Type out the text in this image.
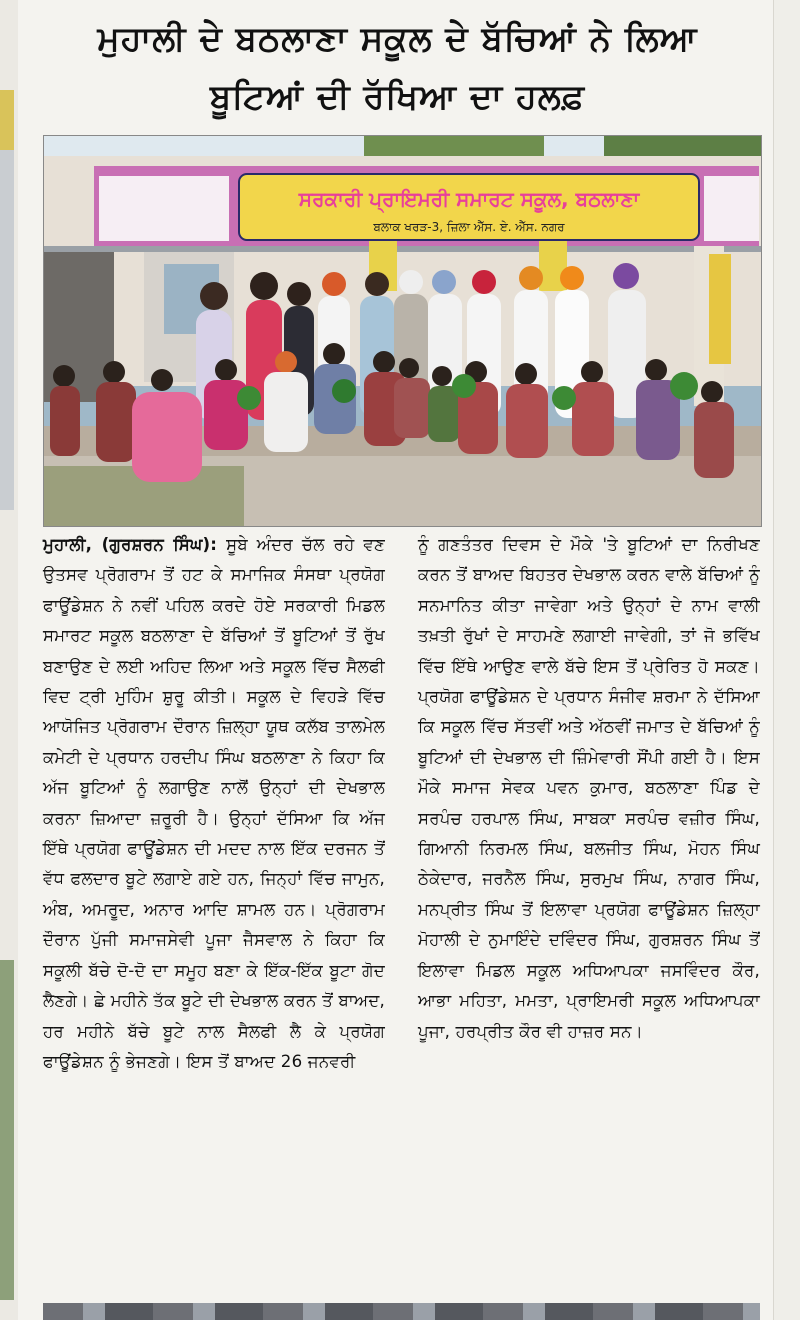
ਮੁਹਾਲੀ ਦੇ ਬਠਲਾਣਾ ਸਕੂਲ ਦੇ ਬੱਚਿਆਂ ਨੇ ਲਿਆ
ਬੂਟਿਆਂ ਦੀ ਰੱਖਿਆ ਦਾ ਹਲਫ਼
ਸਰਕਾਰੀ ਪ੍ਰਾਇਮਰੀ ਸਮਾਰਟ ਸਕੂਲ, ਬਠਲਾਣਾ
ਬਲਾਕ ਖਰੜ-3, ਜ਼ਿਲਾ ਐੱਸ. ਏ. ਐੱਸ. ਨਗਰ
ਮੁਹਾਲੀ, (ਗੁਰਸ਼ਰਨ ਸਿੰਘ): ਸੂਬੇ ਅੰਦਰ ਚੱਲ ਰਹੇ ਵਣ ਉਤਸਵ ਪ੍ਰੋਗਰਾਮ ਤੋਂ ਹਟ ਕੇ ਸਮਾਜਿਕ ਸੰਸਥਾ ਪ੍ਰਯੋਗ ਫਾਊਂਡੇਸ਼ਨ ਨੇ ਨਵੀਂ ਪਹਿਲ ਕਰਦੇ ਹੋਏ ਸਰਕਾਰੀ ਮਿਡਲ ਸਮਾਰਟ ਸਕੂਲ ਬਠਲਾਣਾ ਦੇ ਬੱਚਿਆਂ ਤੋਂ ਬੂਟਿਆਂ ਤੋਂ ਰੁੱਖ ਬਣਾਉਣ ਦੇ ਲਈ ਅਹਿਦ ਲਿਆ ਅਤੇ ਸਕੂਲ ਵਿੱਚ ਸੈਲਫੀ ਵਿਦ ਟ੍ਰੀ ਮੁਹਿੰਮ ਸ਼ੁਰੂ ਕੀਤੀ। ਸਕੂਲ ਦੇ ਵਿਹੜੇ ਵਿੱਚ ਆਯੋਜਿਤ ਪ੍ਰੋਗਰਾਮ ਦੌਰਾਨ ਜ਼ਿਲ੍ਹਾ ਯੂਥ ਕਲੱਬ ਤਾਲਮੇਲ ਕਮੇਟੀ ਦੇ ਪ੍ਰਧਾਨ ਹਰਦੀਪ ਸਿੰਘ ਬਠਲਾਣਾ ਨੇ ਕਿਹਾ ਕਿ ਅੱਜ ਬੂਟਿਆਂ ਨੂੰ ਲਗਾਉਣ ਨਾਲੋਂ ਉਨ੍ਹਾਂ ਦੀ ਦੇਖਭਾਲ ਕਰਨਾ ਜ਼ਿਆਦਾ ਜ਼ਰੂਰੀ ਹੈ। ਉਨ੍ਹਾਂ ਦੱਸਿਆ ਕਿ ਅੱਜ ਇੱਥੇ ਪ੍ਰਯੋਗ ਫਾਊਂਡੇਸ਼ਨ ਦੀ ਮਦਦ ਨਾਲ ਇੱਕ ਦਰਜਨ ਤੋਂ ਵੱਧ ਫਲਦਾਰ ਬੂਟੇ ਲਗਾਏ ਗਏ ਹਨ, ਜਿਨ੍ਹਾਂ ਵਿੱਚ ਜਾਮੁਨ, ਅੰਬ, ਅਮਰੂਦ, ਅਨਾਰ ਆਦਿ ਸ਼ਾਮਲ ਹਨ। ਪ੍ਰੋਗਰਾਮ ਦੌਰਾਨ ਪੁੱਜੀ ਸਮਾਜਸੇਵੀ ਪੂਜਾ ਜੈਸਵਾਲ ਨੇ ਕਿਹਾ ਕਿ ਸਕੂਲੀ ਬੱਚੇ ਦੋ-ਦੋ ਦਾ ਸਮੂਹ ਬਣਾ ਕੇ ਇੱਕ-ਇੱਕ ਬੂਟਾ ਗੋਦ ਲੈਣਗੇ। ਛੇ ਮਹੀਨੇ ਤੱਕ ਬੂਟੇ ਦੀ ਦੇਖਭਾਲ ਕਰਨ ਤੋਂ ਬਾਅਦ, ਹਰ ਮਹੀਨੇ ਬੱਚੇ ਬੂਟੇ ਨਾਲ ਸੈਲਫੀ ਲੈ ਕੇ ਪ੍ਰਯੋਗ ਫਾਊਂਡੇਸ਼ਨ ਨੂੰ ਭੇਜਣਗੇ। ਇਸ ਤੋਂ ਬਾਅਦ 26 ਜਨਵਰੀ
ਨੂੰ ਗਣਤੰਤਰ ਦਿਵਸ ਦੇ ਮੌਕੇ 'ਤੇ ਬੂਟਿਆਂ ਦਾ ਨਿਰੀਖਣ ਕਰਨ ਤੋਂ ਬਾਅਦ ਬਿਹਤਰ ਦੇਖਭਾਲ ਕਰਨ ਵਾਲੇ ਬੱਚਿਆਂ ਨੂੰ ਸਨਮਾਨਿਤ ਕੀਤਾ ਜਾਵੇਗਾ ਅਤੇ ਉਨ੍ਹਾਂ ਦੇ ਨਾਮ ਵਾਲੀ ਤਖ਼ਤੀ ਰੁੱਖਾਂ ਦੇ ਸਾਹਮਣੇ ਲਗਾਈ ਜਾਵੇਗੀ, ਤਾਂ ਜੋ ਭਵਿੱਖ ਵਿੱਚ ਇੱਥੇ ਆਉਣ ਵਾਲੇ ਬੱਚੇ ਇਸ ਤੋਂ ਪ੍ਰੇਰਿਤ ਹੋ ਸਕਣ। ਪ੍ਰਯੋਗ ਫਾਊਂਡੇਸ਼ਨ ਦੇ ਪ੍ਰਧਾਨ ਸੰਜੀਵ ਸ਼ਰਮਾ ਨੇ ਦੱਸਿਆ ਕਿ ਸਕੂਲ ਵਿੱਚ ਸੱਤਵੀਂ ਅਤੇ ਅੱਠਵੀਂ ਜਮਾਤ ਦੇ ਬੱਚਿਆਂ ਨੂੰ ਬੂਟਿਆਂ ਦੀ ਦੇਖਭਾਲ ਦੀ ਜ਼ਿੰਮੇਵਾਰੀ ਸੌਂਪੀ ਗਈ ਹੈ। ਇਸ ਮੌਕੇ ਸਮਾਜ ਸੇਵਕ ਪਵਨ ਕੁਮਾਰ, ਬਠਲਾਣਾ ਪਿੰਡ ਦੇ ਸਰਪੰਚ ਹਰਪਾਲ ਸਿੰਘ, ਸਾਬਕਾ ਸਰਪੰਚ ਵਜ਼ੀਰ ਸਿੰਘ, ਗਿਆਨੀ ਨਿਰਮਲ ਸਿੰਘ, ਬਲਜੀਤ ਸਿੰਘ, ਮੋਹਨ ਸਿੰਘ ਠੇਕੇਦਾਰ, ਜਰਨੈਲ ਸਿੰਘ, ਸੁਰਮੁਖ ਸਿੰਘ, ਨਾਗਰ ਸਿੰਘ, ਮਨਪ੍ਰੀਤ ਸਿੰਘ ਤੋਂ ਇਲਾਵਾ ਪ੍ਰਯੋਗ ਫਾਊਂਡੇਸ਼ਨ ਜ਼ਿਲ੍ਹਾ ਮੋਹਾਲੀ ਦੇ ਨੁਮਾਇੰਦੇ ਦਵਿੰਦਰ ਸਿੰਘ, ਗੁਰਸ਼ਰਨ ਸਿੰਘ ਤੋਂ ਇਲਾਵਾ ਮਿਡਲ ਸਕੂਲ ਅਧਿਆਪਕਾ ਜਸਵਿੰਦਰ ਕੌਰ, ਆਭਾ ਮਹਿਤਾ, ਮਮਤਾ, ਪ੍ਰਾਇਮਰੀ ਸਕੂਲ ਅਧਿਆਪਕਾ ਪੂਜਾ, ਹਰਪ੍ਰੀਤ ਕੌਰ ਵੀ ਹਾਜ਼ਰ ਸਨ।
